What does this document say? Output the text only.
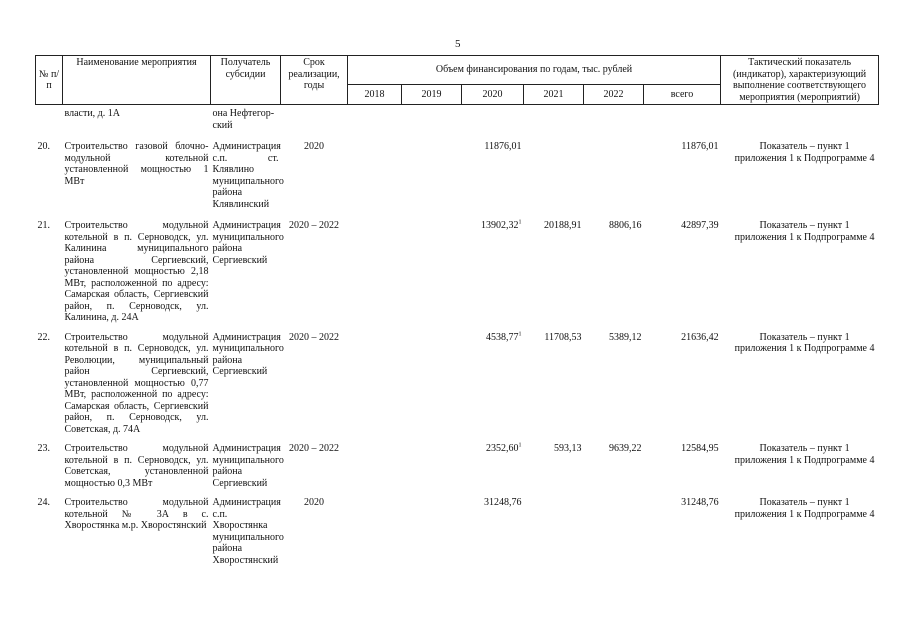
5
№ п/п	Наименование мероприятия	Получатель субсидии	Срок реализации, годы	Объем финансирования по годам, тыс. рублей						Тактический показатель (индикатор), характеризующий выполнение соответствующего мероприятия (мероприятий)
				2018	2019	2020	2021	2022	всего	
	власти, д. 1А	она Нефтегор-ский								

20.	Строительство газовой блочно-модульной котельной установленной мощностью 1 МВт	Администрация с.п. ст. Клявлино муниципального района Клявлинский	2020			11876,01			11876,01	Показатель – пункт 1 приложения 1 к Подпрограмме 4

21.	Строительство модульной котельной в п. Серноводск, ул. Калинина муниципального района Сергиевский, установленной мощностью 2,18 МВт, расположенной по адресу: Самарская область, Сергиевский район, п. Серноводск, ул. Калинина, д. 24А	Администрация муниципального района Сергиевский	2020 – 2022			13902,32$^1$	20188,91	8806,16	42897,39	Показатель – пункт 1 приложения 1 к Подпрограмме 4

22.	Строительство модульной котельной в п. Серноводск, ул. Революции, муниципальный район Сергиевский, установленной мощностью 0,77 МВт, расположенной по адресу: Самарская область, Сергиевский район, п. Серноводск, ул. Советская, д. 74А	Администрация муниципального района Сергиевский	2020 – 2022			4538,77$^1$	11708,53	5389,12	21636,42	Показатель – пункт 1 приложения 1 к Подпрограмме 4

23.	Строительство модульной котельной в п. Серноводск, ул. Советская, установленной мощностью 0,3 МВт	Администрация муниципального района Сергиевский	2020 – 2022			2352,60$^1$	593,13	9639,22	12584,95	Показатель – пункт 1 приложения 1 к Подпрограмме 4

24.	Строительство модульной котельной № 3А в с. Хворостянка м.р. Хворостянский	Администрация с.п. Хворостянка муниципального района Хворостянский	2020			31248,76			31248,76	Показатель – пункт 1 приложения 1 к Подпрограмме 4
